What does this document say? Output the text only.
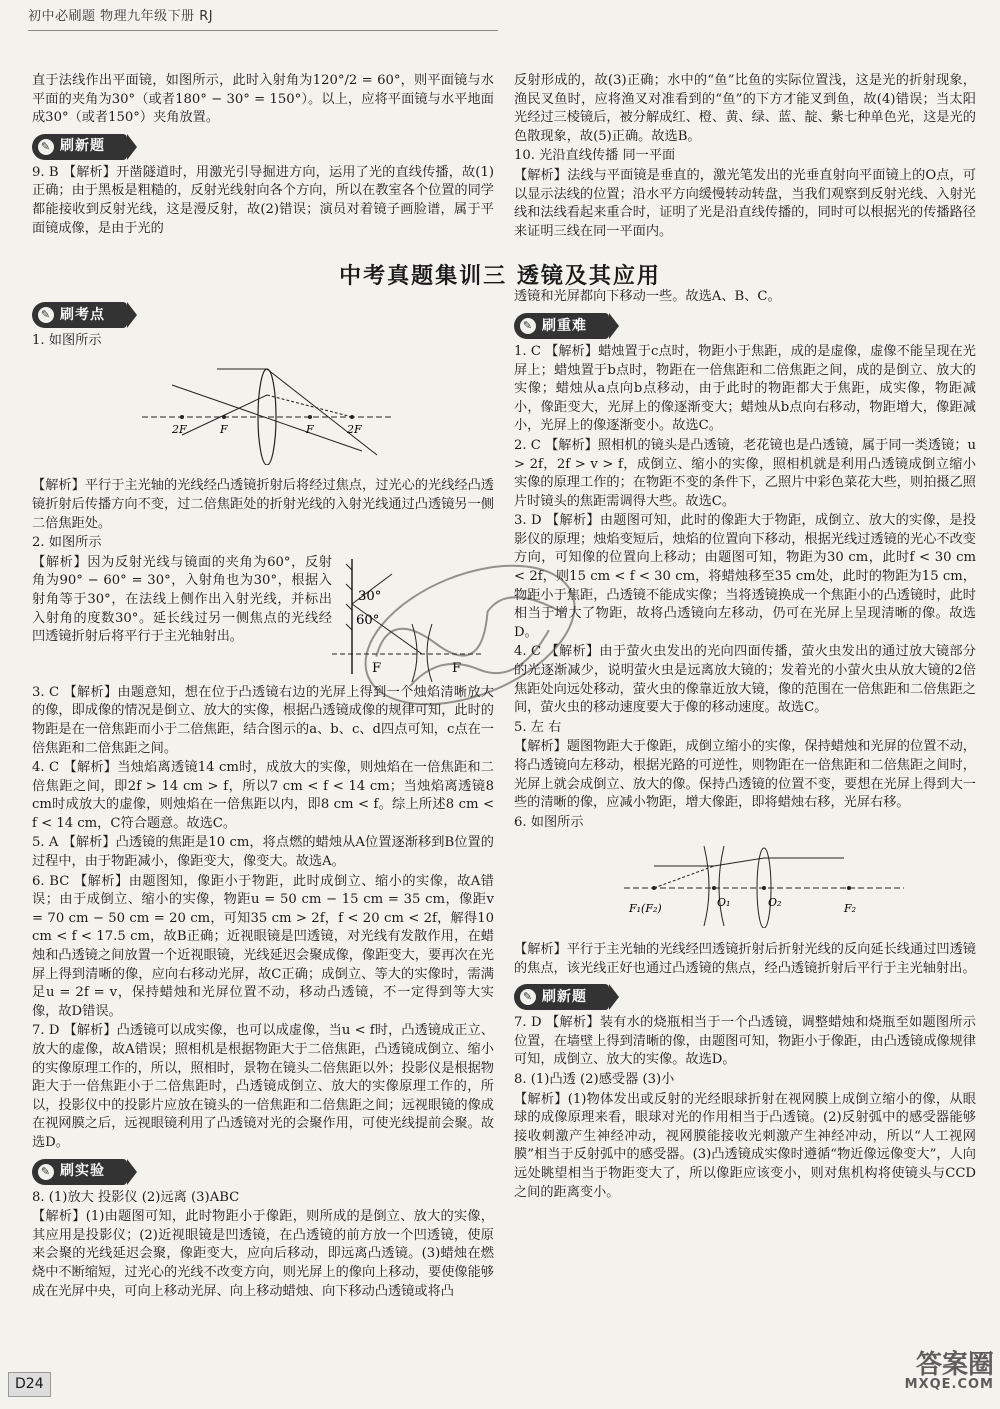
初中必刷题 物理九年级下册 RJ
中考真题集训三 透镜及其应用

直于法线作出平面镜，如图所示，此时入射角为120°/2 = 60°，则平面镜与水平面的夹角为30°（或者180° − 30° = 150°）。以上，应将平面镜与水平地面成30°（或者150°）夹角放置。

✎ 刷新题

9. B 【解析】开凿隧道时，用激光引导掘进方向，运用了光的直线传播，故(1)正确；由于黑板是粗糙的，反射光线射向各个方向，所以在教室各个位置的同学都能接收到反射光线，这是漫反射，故(2)错误；演员对着镜子画脸谱，属于平面镜成像，是由于光的

✎ 刷考点

1. 如图所示

2F	F	F	2F

【解析】平行于主光轴的光线经凸透镜折射后将经过焦点，过光心的光线经凸透镜折射后传播方向不变，过二倍焦距处的折射光线的入射光线通过凸透镜另一侧二倍焦距处。

2. 如图所示

【解析】因为反射光线与镜面的夹角为60°，反射角为90° − 60° = 30°，入射角也为30°，根据入射角等于30°，在法线上侧作出入射光线，并标出入射角的度数30°。延长线过另一侧焦点的光线经凹透镜折射后将平行于主光轴射出。

30°
60°
F	F

3. C 【解析】由题意知，想在位于凸透镜右边的光屏上得到一个烛焰清晰放大的像，即成像的情况是倒立、放大的实像，根据凸透镜成像的规律可知，此时的物距是在一倍焦距而小于二倍焦距，结合图示的a、b、c、d四点可知，c点在一倍焦距和二倍焦距之间。

4. C 【解析】当烛焰离透镜14 cm时，成放大的实像，则烛焰在一倍焦距和二倍焦距之间，即2f > 14 cm > f，所以7 cm < f < 14 cm；当烛焰离透镜8 cm时成放大的虚像，则烛焰在一倍焦距以内，即8 cm < f。综上所述8 cm < f < 14 cm，C符合题意。故选C。

5. A 【解析】凸透镜的焦距是10 cm，将点燃的蜡烛从A位置逐渐移到B位置的过程中，由于物距减小，像距变大，像变大。故选A。

6. BC 【解析】由题图知，像距小于物距，此时成倒立、缩小的实像，故A错误；由于成倒立、缩小的实像，物距u = 50 cm − 15 cm = 35 cm，像距v = 70 cm − 50 cm = 20 cm，可知35 cm > 2f，f < 20 cm < 2f，解得10 cm < f < 17.5 cm，故B正确；近视眼镜是凹透镜，对光线有发散作用，在蜡烛和凸透镜之间放置一个近视眼镜，光线延迟会聚成像，像距变大，要再次在光屏上得到清晰的像，应向右移动光屏，故C正确；成倒立、等大的实像时，需满足u = 2f = v，保持蜡烛和光屏位置不动，移动凸透镜，不一定得到等大实像，故D错误。

7. D 【解析】凸透镜可以成实像，也可以成虚像，当u < f时，凸透镜成正立、放大的虚像，故A错误；照相机是根据物距大于二倍焦距，凸透镜成倒立、缩小的实像原理工作的，所以，照相时，景物在镜头二倍焦距以外；投影仪是根据物距大于一倍焦距小于二倍焦距时，凸透镜成倒立、放大的实像原理工作的，所以，投影仪中的投影片应放在镜头的一倍焦距和二倍焦距之间；远视眼镜的像成在视网膜之后，远视眼镜利用了凸透镜对光的会聚作用，可使光线提前会聚。故选D。

✎ 刷实验

8. (1)放大 投影仪 (2)远离 (3)ABC

【解析】(1)由题图可知，此时物距小于像距，则所成的是倒立、放大的实像，其应用是投影仪；(2)近视眼镜是凹透镜，在凸透镜的前方放一个凹透镜，使原来会聚的光线延迟会聚，像距变大，应向后移动，即远离凸透镜。(3)蜡烛在燃烧中不断缩短，过光心的光线不改变方向，则光屏上的像向上移动，要使像能够成在光屏中央，可向上移动光屏、向上移动蜡烛、向下移动凸透镜或将凸

反射形成的，故(3)正确；水中的“鱼”比鱼的实际位置浅，这是光的折射现象，渔民叉鱼时，应将渔叉对准看到的“鱼”的下方才能叉到鱼，故(4)错误；当太阳光经过三棱镜后，被分解成红、橙、黄、绿、蓝、靛、紫七种单色光，这是光的色散现象，故(5)正确。故选B。

10. 光沿直线传播 同一平面

【解析】法线与平面镜是垂直的，激光笔发出的光垂直射向平面镜上的O点，可以显示法线的位置；沿水平方向缓慢转动转盘，当我们观察到反射光线、入射光线和法线看起来重合时，证明了光是沿直线传播的，同时可以根据光的传播路径来证明三线在同一平面内。

透镜和光屏都向下移动一些。故选A、B、C。

✎ 刷重难

1. C 【解析】蜡烛置于c点时，物距小于焦距，成的是虚像，虚像不能呈现在光屏上；蜡烛置于b点时，物距在一倍焦距和二倍焦距之间，成的是倒立、放大的实像；蜡烛从a点向b点移动，由于此时的物距都大于焦距，成实像，物距减小，像距变大，光屏上的像逐渐变大；蜡烛从b点向右移动，物距增大，像距减小，光屏上的像逐渐变小。故选C。

2. C 【解析】照相机的镜头是凸透镜，老花镜也是凸透镜，属于同一类透镜；u > 2f，2f > v > f，成倒立、缩小的实像，照相机就是利用凸透镜成倒立缩小实像的原理工作的；在物距不变的条件下，乙照片中彩色菜花大些，则拍摄乙照片时镜头的焦距需调得大些。故选C。

3. D 【解析】由题图可知，此时的像距大于物距，成倒立、放大的实像，是投影仪的原理；烛焰变短后，烛焰的位置向下移动，根据光线过透镜的光心不改变方向，可知像的位置向上移动；由题图可知，物距为30 cm，此时f < 30 cm < 2f，则15 cm < f < 30 cm，将蜡烛移至35 cm处，此时的物距为15 cm，物距小于焦距，凸透镜不能成实像；当将透镜换成一个焦距小的凸透镜时，此时相当于增大了物距，故将凸透镜向左移动，仍可在光屏上呈现清晰的像。故选D。

4. C 【解析】由于萤火虫发出的光向四面传播，萤火虫发出的通过放大镜部分的光逐渐减少，说明萤火虫是远离放大镜的；发着光的小萤火虫从放大镜的2倍焦距处向远处移动，萤火虫的像靠近放大镜，像的范围在一倍焦距和二倍焦距之间，萤火虫的移动速度要大于像的移动速度。故选C。

5. 左 右

【解析】题图物距大于像距，成倒立缩小的实像，保持蜡烛和光屏的位置不动，将凸透镜向左移动，根据光路的可逆性，则物距在一倍焦距和二倍焦距之间时，光屏上就会成倒立、放大的像。保持凸透镜的位置不变，要想在光屏上得到大一些的清晰的像，应减小物距，增大像距，即将蜡烛右移，光屏右移。

6. 如图所示

F₁(F₂)	O₁	O₂	F₂

【解析】平行于主光轴的光线经凹透镜折射后折射光线的反向延长线通过凹透镜的焦点，该光线正好也通过凸透镜的焦点，经凸透镜折射后平行于主光轴射出。

✎ 刷新题

7. D 【解析】装有水的烧瓶相当于一个凸透镜，调整蜡烛和烧瓶至如题图所示位置，在墙壁上得到清晰的像，由题图可知，物距小于像距，由凸透镜成像规律可知，成倒立、放大的实像。故选D。

8. (1)凸透 (2)感受器 (3)小

【解析】(1)物体发出或反射的光经眼球折射在视网膜上成倒立缩小的像，从眼球的成像原理来看，眼球对光的作用相当于凸透镜。(2)反射弧中的感受器能够接收刺激产生神经冲动，视网膜能接收光刺激产生神经冲动，所以“人工视网膜”相当于反射弧中的感受器。(3)凸透镜成实像时遵循“物近像远像变大”，人向远处眺望相当于物距变大了，所以像距应该变小，则对焦机构将使镜头与CCD之间的距离变小。

D24
答案圈
MXQE.COM
